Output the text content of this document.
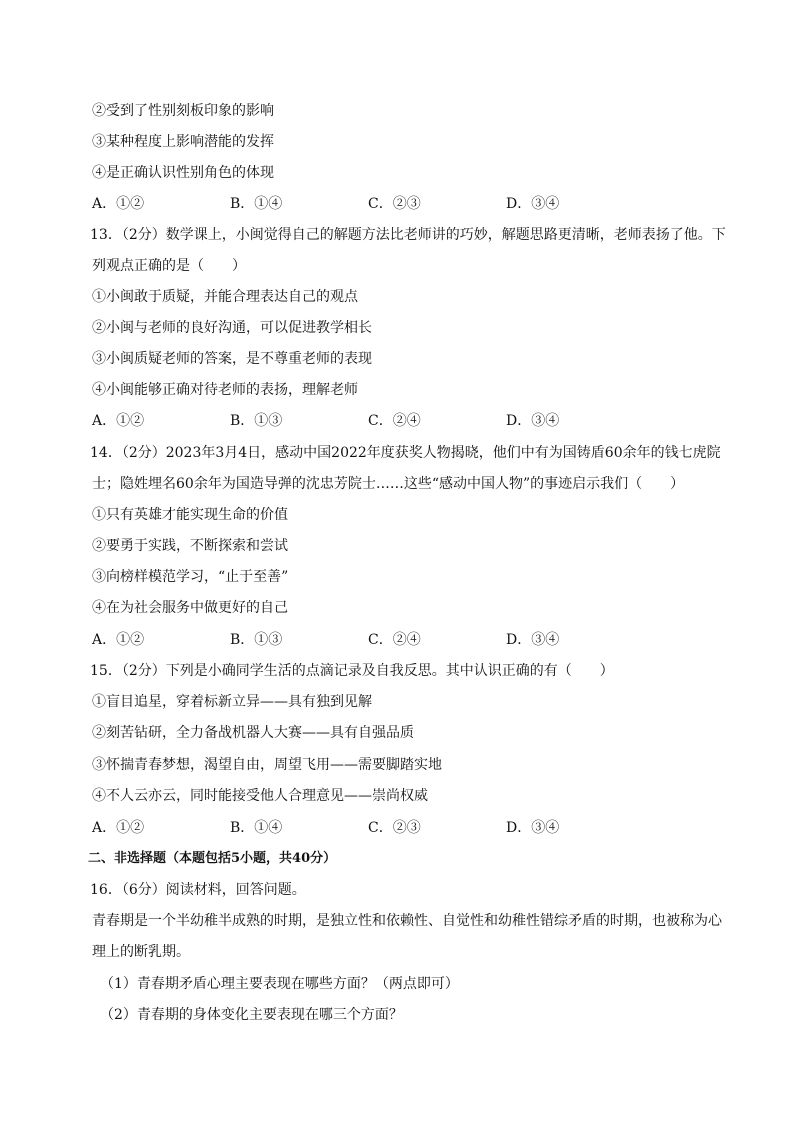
②受到了性别刻板印象的影响
③某种程度上影响潜能的发挥
④是正确认识性别角色的体现
A．①②	B．①④	C．②③	D．③④
13．（2分）数学课上，小闽觉得自己的解题方法比老师讲的巧妙，解题思路更清晰，老师表扬了他。下
列观点正确的是（　　）
①小闽敢于质疑，并能合理表达自己的观点
②小闽与老师的良好沟通，可以促进教学相长
③小闽质疑老师的答案，是不尊重老师的表现
④小闽能够正确对待老师的表扬，理解老师
A．①②	B．①③	C．②④	D．③④
14．（2分）2023年3月4日，感动中国2022年度获奖人物揭晓，他们中有为国铸盾60余年的钱七虎院
士；隐姓埋名60余年为国造导弹的沈忠芳院士……这些“感动中国人物”的事迹启示我们（　　）
①只有英雄才能实现生命的价值
②要勇于实践，不断探索和尝试
③向榜样模范学习，“止于至善”
④在为社会服务中做更好的自己
A．①②	B．①③	C．②④	D．③④
15．（2分）下列是小确同学生活的点滴记录及自我反思。其中认识正确的有（　　）
①盲目追星，穿着标新立异——具有独到见解
②刻苦钻研，全力备战机器人大赛——具有自强品质
③怀揣青春梦想，渴望自由，周望飞用——需要脚踏实地
④不人云亦云，同时能接受他人合理意见——崇尚权威
A．①②	B．①④	C．②③	D．③④
二、非选择题（本题包括5小题，共40分）
16．（6分）阅读材料，回答问题。
青春期是一个半幼稚半成熟的时期，是独立性和依赖性、自觉性和幼稚性错综矛盾的时期，也被称为心
理上的断乳期。
（1）青春期矛盾心理主要表现在哪些方面？（两点即可）
（2）青春期的身体变化主要表现在哪三个方面？
